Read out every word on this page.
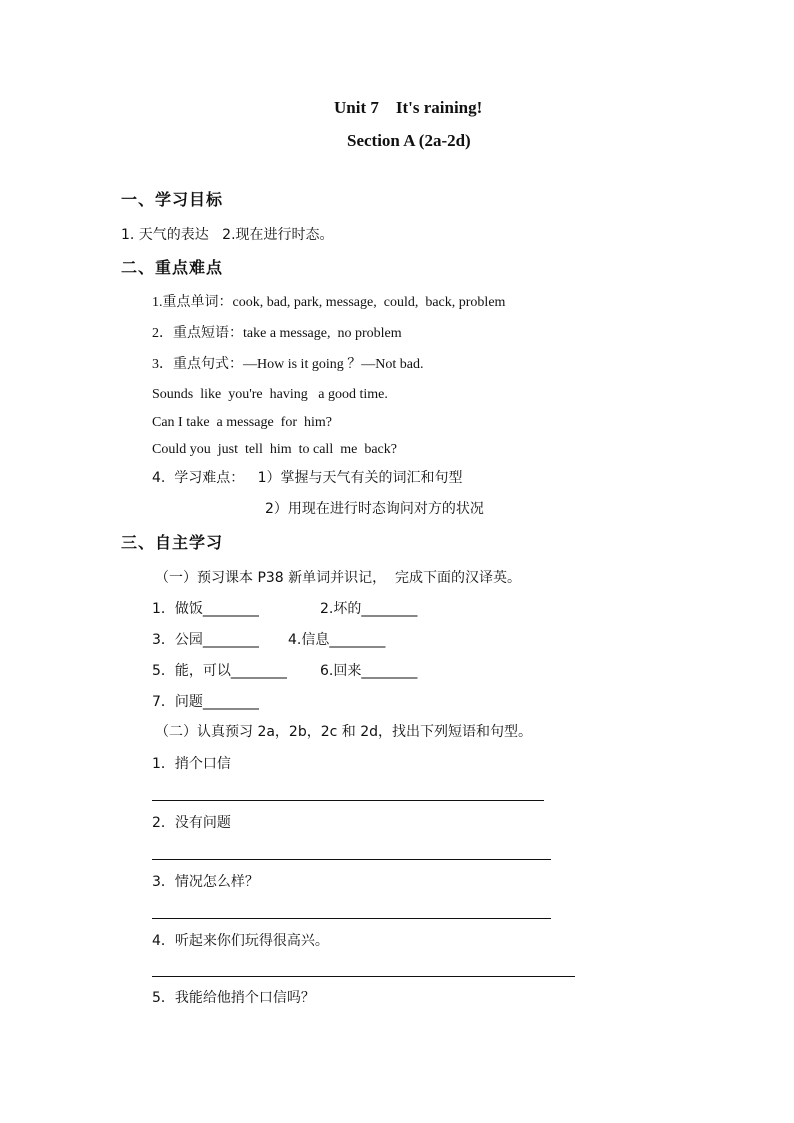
Unit 7    It's raining!
Section A (2a-2d)
一、学习目标
1. 天气的表达   2.现在进行时态。
二、重点难点
1.重点单词：cook, bad, park, message,  could,  back, problem
2．重点短语：take a message,  no problem
3．重点句式：—How is it going ？—Not bad.
Sounds  like  you're  having   a good time.
Can I take  a message  for  him?
Could you  just  tell  him  to call  me  back?
4.  学习难点：   1）掌握与天气有关的词汇和句型
2）用现在进行时态询问对方的状况
三、自主学习
（一）预习课本 P38 新单词并识记，  完成下面的汉译英。
1．做饭________	2.坏的________
3．公园________ 4.信息________
5．能，可以________ 6.回来________
7．问题________
（二）认真预习 2a，2b，2c 和 2d，找出下列短语和句型。
1．捎个口信
2．没有问题
3．情况怎么样？
4．听起来你们玩得很高兴。
5．我能给他捎个口信吗？
